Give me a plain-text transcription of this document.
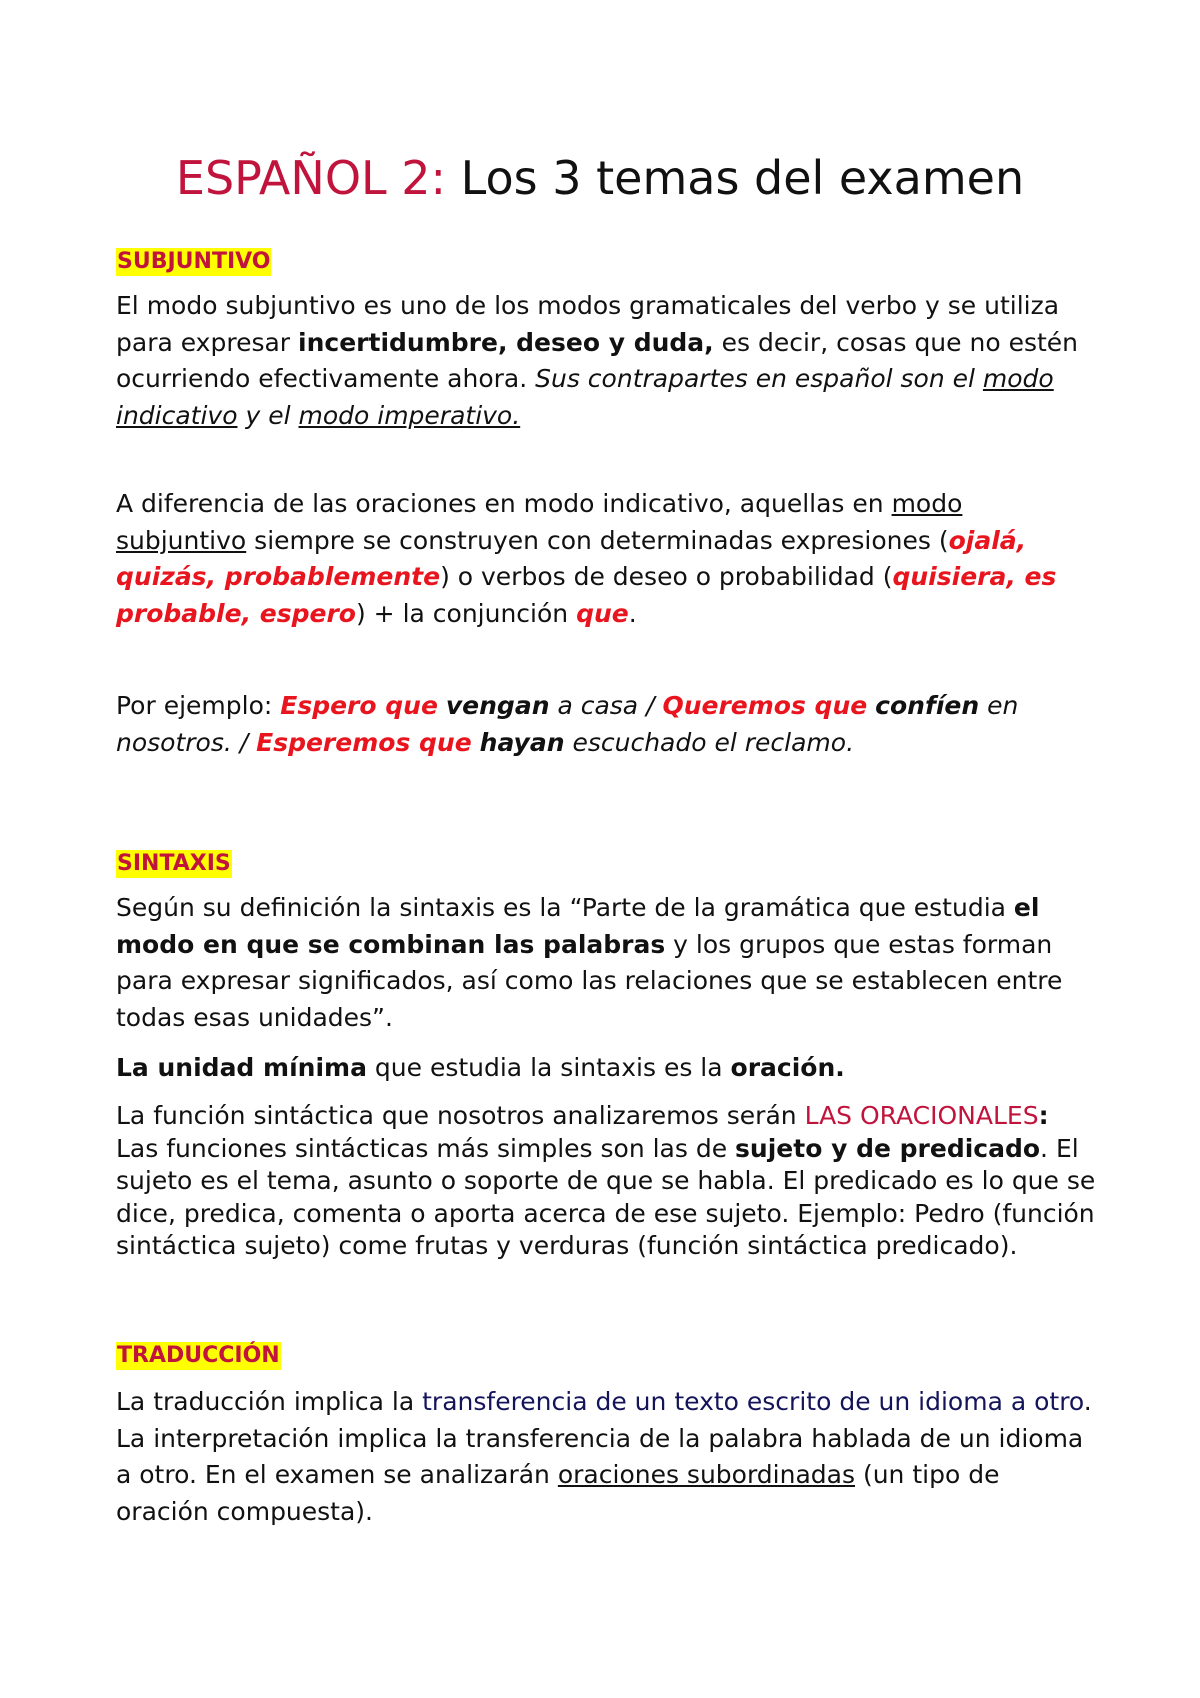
ESPAÑOL 2: Los 3 temas del examen
SUBJUNTIVO

El modo subjuntivo es uno de los modos gramaticales del verbo y se utiliza para expresar incertidumbre, deseo y duda, es decir, cosas que no estén ocurriendo efectivamente ahora. Sus contrapartes en español son el modo indicativo y el modo imperativo.

A diferencia de las oraciones en modo indicativo, aquellas en modo subjuntivo siempre se construyen con determinadas expresiones (ojalá, quizás, probablemente) o verbos de deseo o probabilidad (quisiera, es probable, espero) + la conjunción que.

Por ejemplo: Espero que vengan a casa / Queremos que confíen en nosotros. / Esperemos que hayan escuchado el reclamo.

SINTAXIS

Según su definición la sintaxis es la “Parte de la gramática que estudia el modo en que se combinan las palabras y los grupos que estas forman para expresar significados, así como las relaciones que se establecen entre todas esas unidades”.

La unidad mínima que estudia la sintaxis es la oración.

La función sintáctica que nosotros analizaremos serán LAS ORACIONALES: Las funciones sintácticas más simples son las de sujeto y de predicado. El sujeto es el tema, asunto o soporte de que se habla. El predicado es lo que se dice, predica, comenta o aporta acerca de ese sujeto. Ejemplo: Pedro (función sintáctica sujeto) come frutas y verduras (función sintáctica predicado).

TRADUCCIÓN

La traducción implica la transferencia de un texto escrito de un idioma a otro. La interpretación implica la transferencia de la palabra hablada de un idioma a otro. En el examen se analizarán oraciones subordinadas (un tipo de oración compuesta).
